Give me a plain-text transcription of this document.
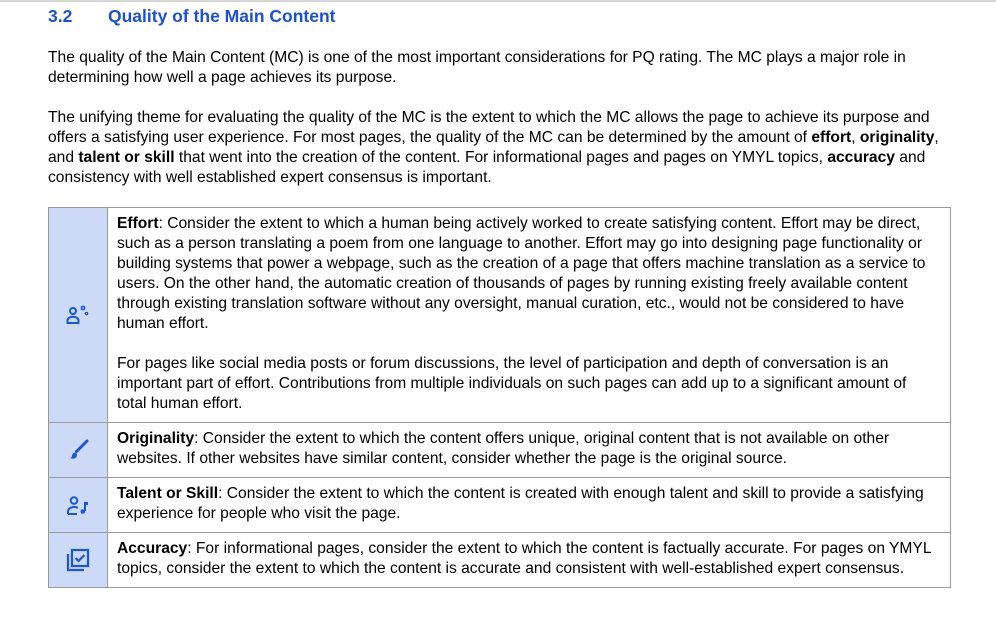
3.2 Quality of the Main Content

The quality of the Main Content (MC) is one of the most important considerations for PQ rating. The MC plays a major role in determining how well a page achieves its purpose.

The unifying theme for evaluating the quality of the MC is the extent to which the MC allows the page to achieve its purpose and offers a satisfying user experience. For most pages, the quality of the MC can be determined by the amount of effort, originality, and talent or skill that went into the creation of the content. For informational pages and pages on YMYL topics, accuracy and consistency with well established expert consensus is important.

Effort: Consider the extent to which a human being actively worked to create satisfying content. Effort may be direct, such as a person translating a poem from one language to another. Effort may go into designing page functionality or building systems that power a webpage, such as the creation of a page that offers machine translation as a service to users. On the other hand, the automatic creation of thousands of pages by running existing freely available content through existing translation software without any oversight, manual curation, etc., would not be considered to have human effort.

For pages like social media posts or forum discussions, the level of participation and depth of conversation is an important part of effort. Contributions from multiple individuals on such pages can add up to a significant amount of total human effort.

Originality: Consider the extent to which the content offers unique, original content that is not available on other websites. If other websites have similar content, consider whether the page is the original source.

Talent or Skill: Consider the extent to which the content is created with enough talent and skill to provide a satisfying experience for people who visit the page.

Accuracy: For informational pages, consider the extent to which the content is factually accurate. For pages on YMYL topics, consider the extent to which the content is accurate and consistent with well-established expert consensus.
